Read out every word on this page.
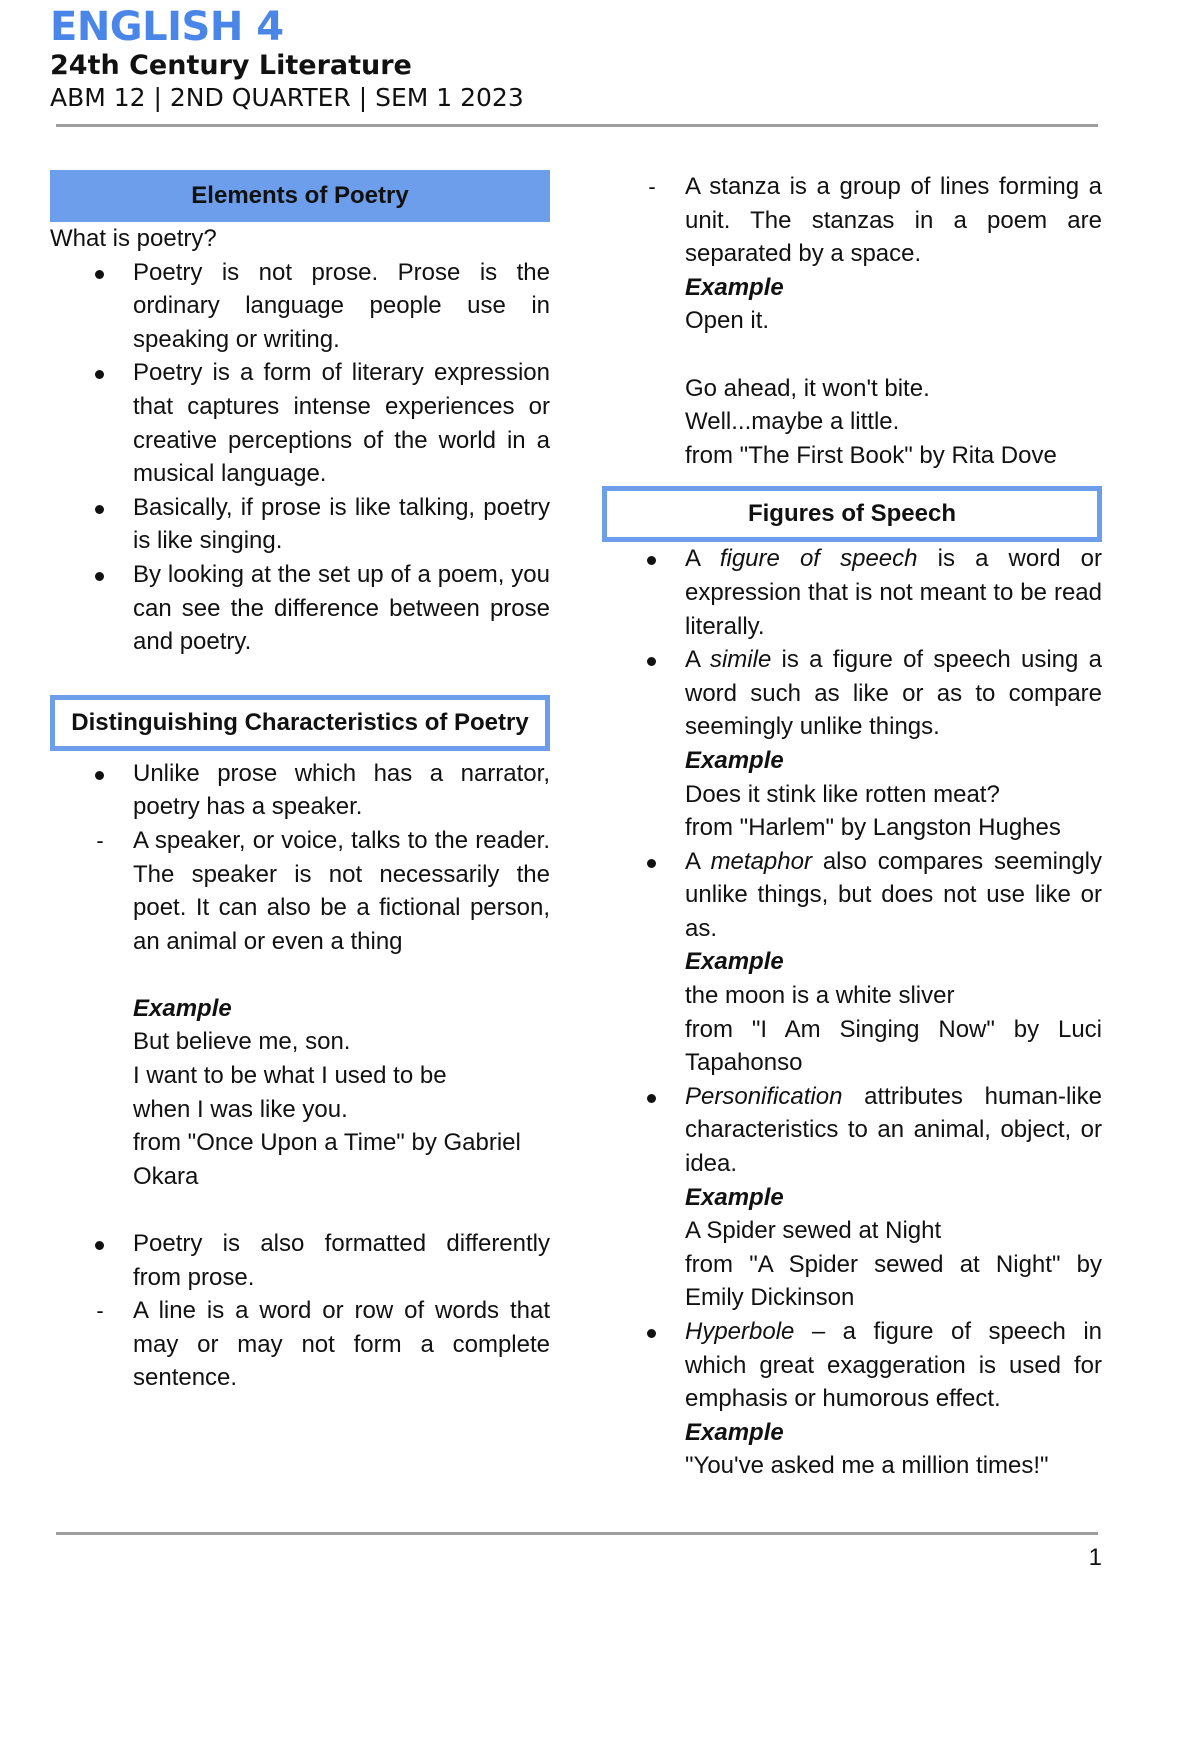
ENGLISH 4
24th Century Literature
ABM 12 | 2ND QUARTER | SEM 1 2023
Elements of Poetry

What is poetry?

Poetry is not prose. Prose is the ordinary language people use in speaking or writing.
Poetry is a form of literary expression that captures intense experiences or creative perceptions of the world in a musical language.
Basically, if prose is like talking, poetry is like singing.
By looking at the set up of a poem, you can see the difference between prose and poetry.
Distinguishing Characteristics of Poetry
Unlike prose which has a narrator, poetry has a speaker.
-	A speaker, or voice, talks to the reader. The speaker is not necessarily the poet. It can also be a fictional person, an animal or even a thing

Example

But believe me, son.

I want to be what I used to be

when I was like you.

from "Once Upon a Time" by Gabriel Okara

Poetry is also formatted differently from prose.
-	A line is a word or row of words that may or may not form a complete sentence.
-	A stanza is a group of lines forming a unit. The stanzas in a poem are separated by a space.

Example

Open it.

Go ahead, it won't bite.

Well...maybe a little.

from "The First Book" by Rita Dove

Figures of Speech
A figure of speech is a word or expression that is not meant to be read literally.
A simile is a figure of speech using a word such as like or as to compare seemingly unlike things.

Example

Does it stink like rotten meat?

from "Harlem" by Langston Hughes

A metaphor also compares seemingly unlike things, but does not use like or as.

Example

the moon is a white sliver

from "I Am Singing Now" by Luci Tapahonso

Personification attributes human-like characteristics to an animal, object, or idea.

Example

A Spider sewed at Night

from "A Spider sewed at Night" by Emily Dickinson

Hyperbole – a figure of speech in which great exaggeration is used for emphasis or humorous effect.

Example

"You've asked me a million times!"

1
